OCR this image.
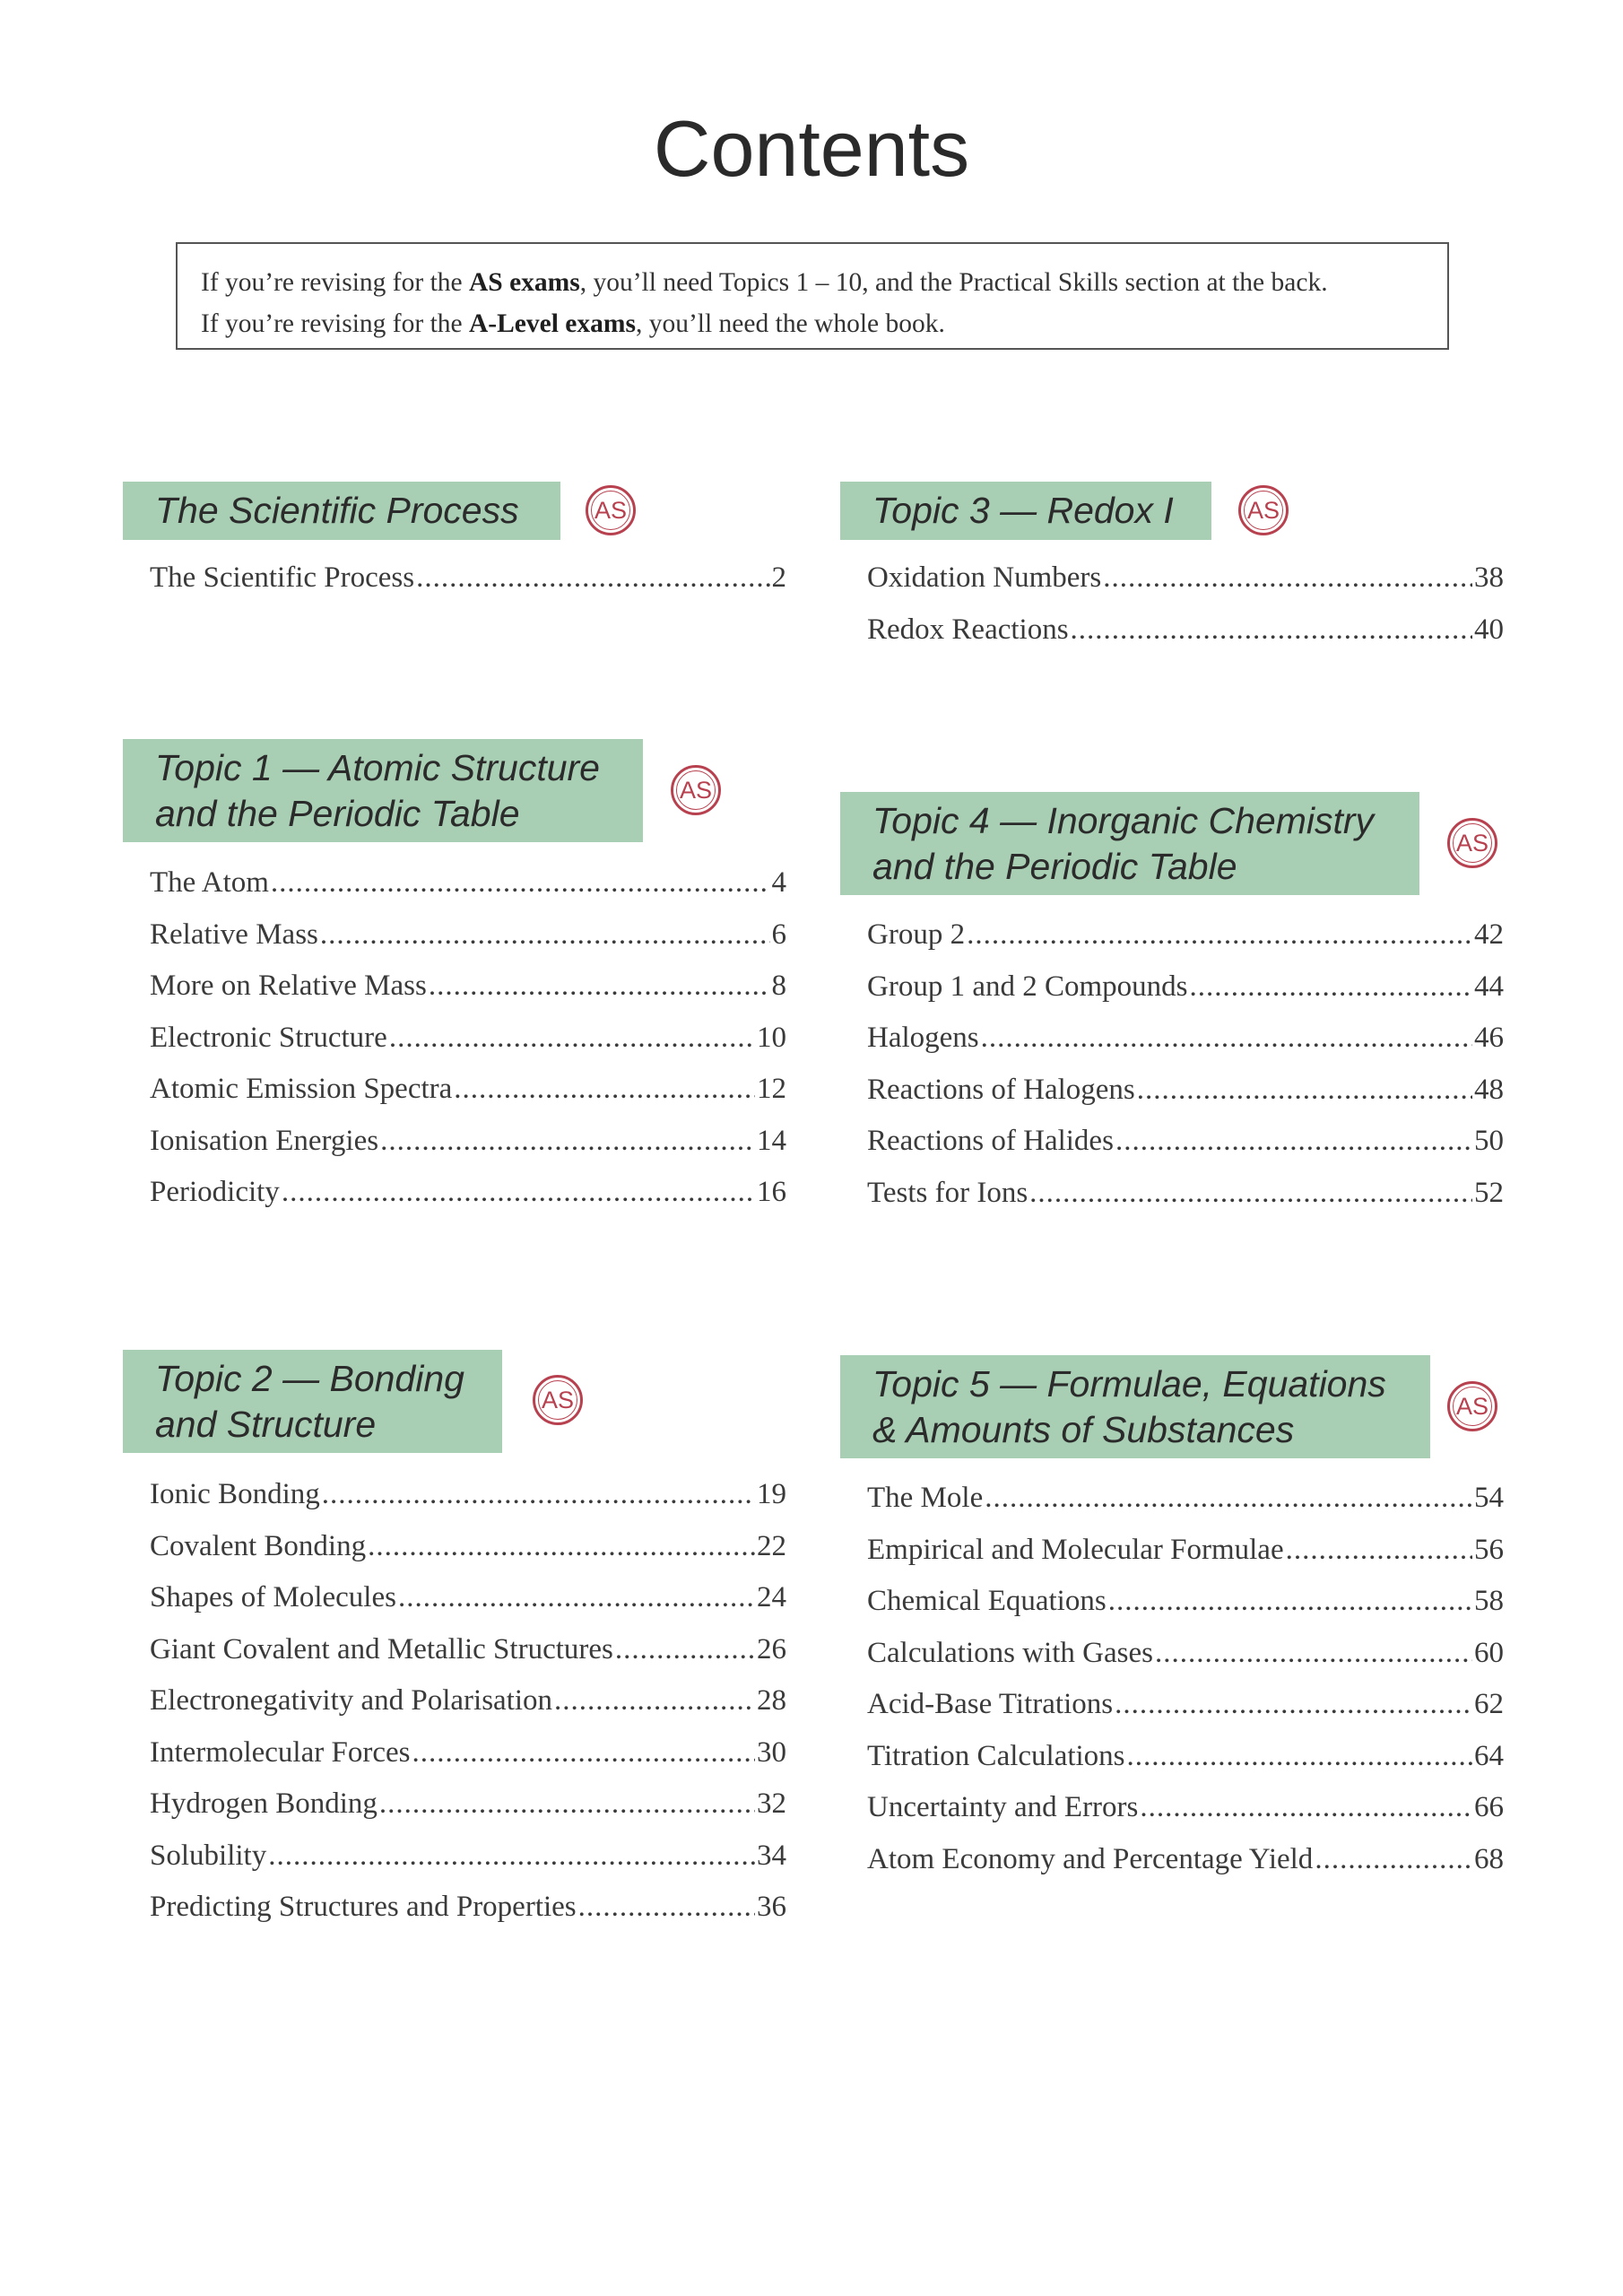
Contents
If you’re revising for the AS exams, you’ll need Topics 1 – 10, and the Practical Skills section at the back.
If you’re revising for the A-Level exams, you’ll need the whole book.
The Scientific Process	AS
The Scientific Process .....	2
Topic 1 — Atomic Structure
and the Periodic Table
AS
The Atom .....	4
Relative Mass .....	6
More on Relative Mass .....	8
Electronic Structure .....	10
Atomic Emission Spectra .....	12
Ionisation Energies .....	14
Periodicity .....	16
Topic 2 — Bonding
and Structure
AS
Ionic Bonding .....	19
Covalent Bonding .....	22
Shapes of Molecules .....	24
Giant Covalent and Metallic Structures .....	26
Electronegativity and Polarisation .....	28
Intermolecular Forces .....	30
Hydrogen Bonding .....	32
Solubility .....	34
Predicting Structures and Properties .....	36
Topic 3 — Redox I	AS
Oxidation Numbers .....	38
Redox Reactions .....	40
Topic 4 — Inorganic Chemistry
and the Periodic Table
AS
Group 2 .....	42
Group 1 and 2 Compounds .....	44
Halogens .....	46
Reactions of Halogens .....	48
Reactions of Halides .....	50
Tests for Ions .....	52
Topic 5 — Formulae, Equations
& Amounts of Substances
AS
The Mole .....	54
Empirical and Molecular Formulae .....	56
Chemical Equations .....	58
Calculations with Gases .....	60
Acid-Base Titrations .....	62
Titration Calculations .....	64
Uncertainty and Errors .....	66
Atom Economy and Percentage Yield .....	68
